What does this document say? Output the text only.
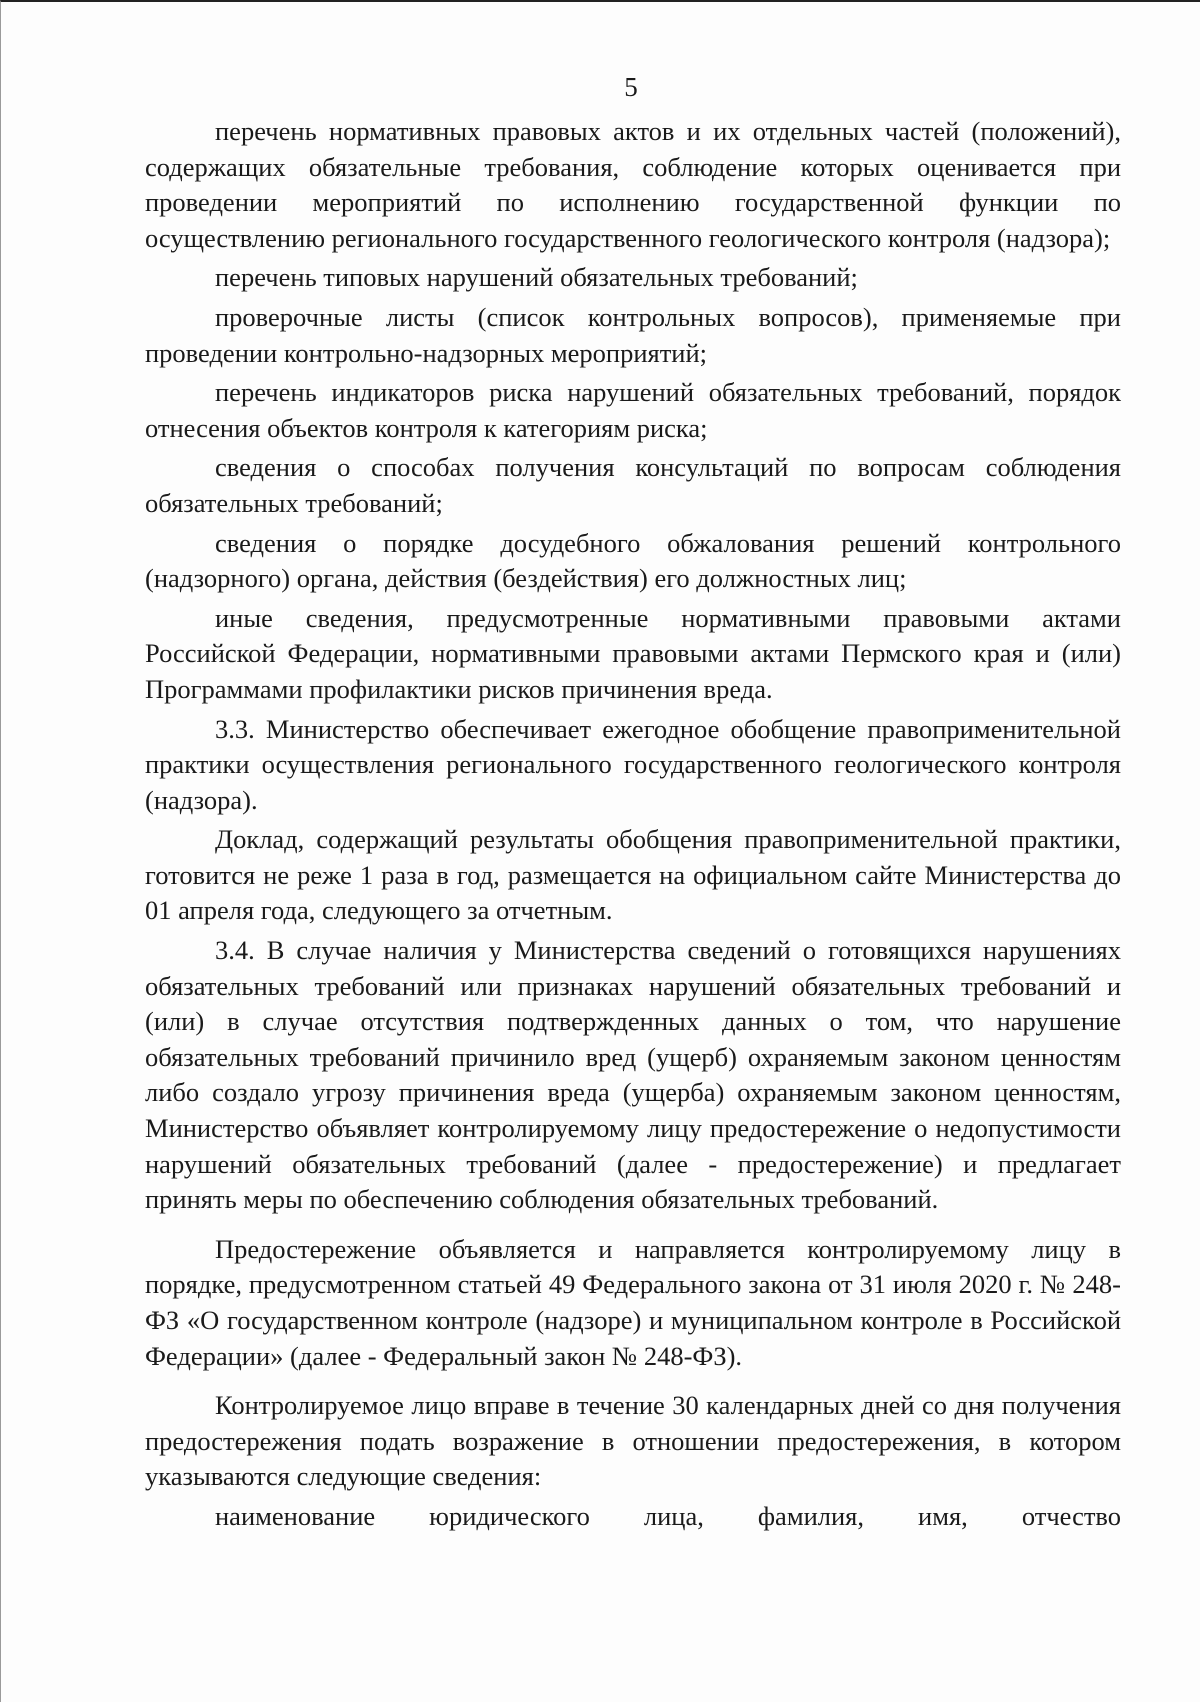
5

перечень нормативных правовых актов и их отдельных частей (положений), содержащих обязательные требования, соблюдение которых оценивается при проведении мероприятий по исполнению государственной функции по осуществлению регионального государственного геологического контроля (надзора);

перечень типовых нарушений обязательных требований;

проверочные листы (список контрольных вопросов), применяемые при проведении контрольно-надзорных мероприятий;

перечень индикаторов риска нарушений обязательных требований, порядок отнесения объектов контроля к категориям риска;

сведения о способах получения консультаций по вопросам соблюдения обязательных требований;

сведения о порядке досудебного обжалования решений контрольного (надзорного) органа, действия (бездействия) его должностных лиц;

иные сведения, предусмотренные нормативными правовыми актами Российской Федерации, нормативными правовыми актами Пермского края и (или) Программами профилактики рисков причинения вреда.

3.3. Министерство обеспечивает ежегодное обобщение правоприменительной практики осуществления регионального государственного геологического контроля (надзора).

Доклад, содержащий результаты обобщения правоприменительной практики, готовится не реже 1 раза в год, размещается на официальном сайте Министерства до 01 апреля года, следующего за отчетным.

3.4. В случае наличия у Министерства сведений о готовящихся нарушениях обязательных требований или признаках нарушений обязательных требований и (или) в случае отсутствия подтвержденных данных о том, что нарушение обязательных требований причинило вред (ущерб) охраняемым законом ценностям либо создало угрозу причинения вреда (ущерба) охраняемым законом ценностям, Министерство объявляет контролируемому лицу предостережение о недопустимости нарушений обязательных требований (далее - предостережение) и предлагает принять меры по обеспечению соблюдения обязательных требований.

Предостережение объявляется и направляется контролируемому лицу в порядке, предусмотренном статьей 49 Федерального закона от 31 июля 2020 г. № 248-ФЗ «О государственном контроле (надзоре) и муниципальном контроле в Российской Федерации» (далее - Федеральный закон № 248-ФЗ).

Контролируемое лицо вправе в течение 30 календарных дней со дня получения предостережения подать возражение в отношении предостережения, в котором указываются следующие сведения:

наименование юридического лица, фамилия, имя, отчество
